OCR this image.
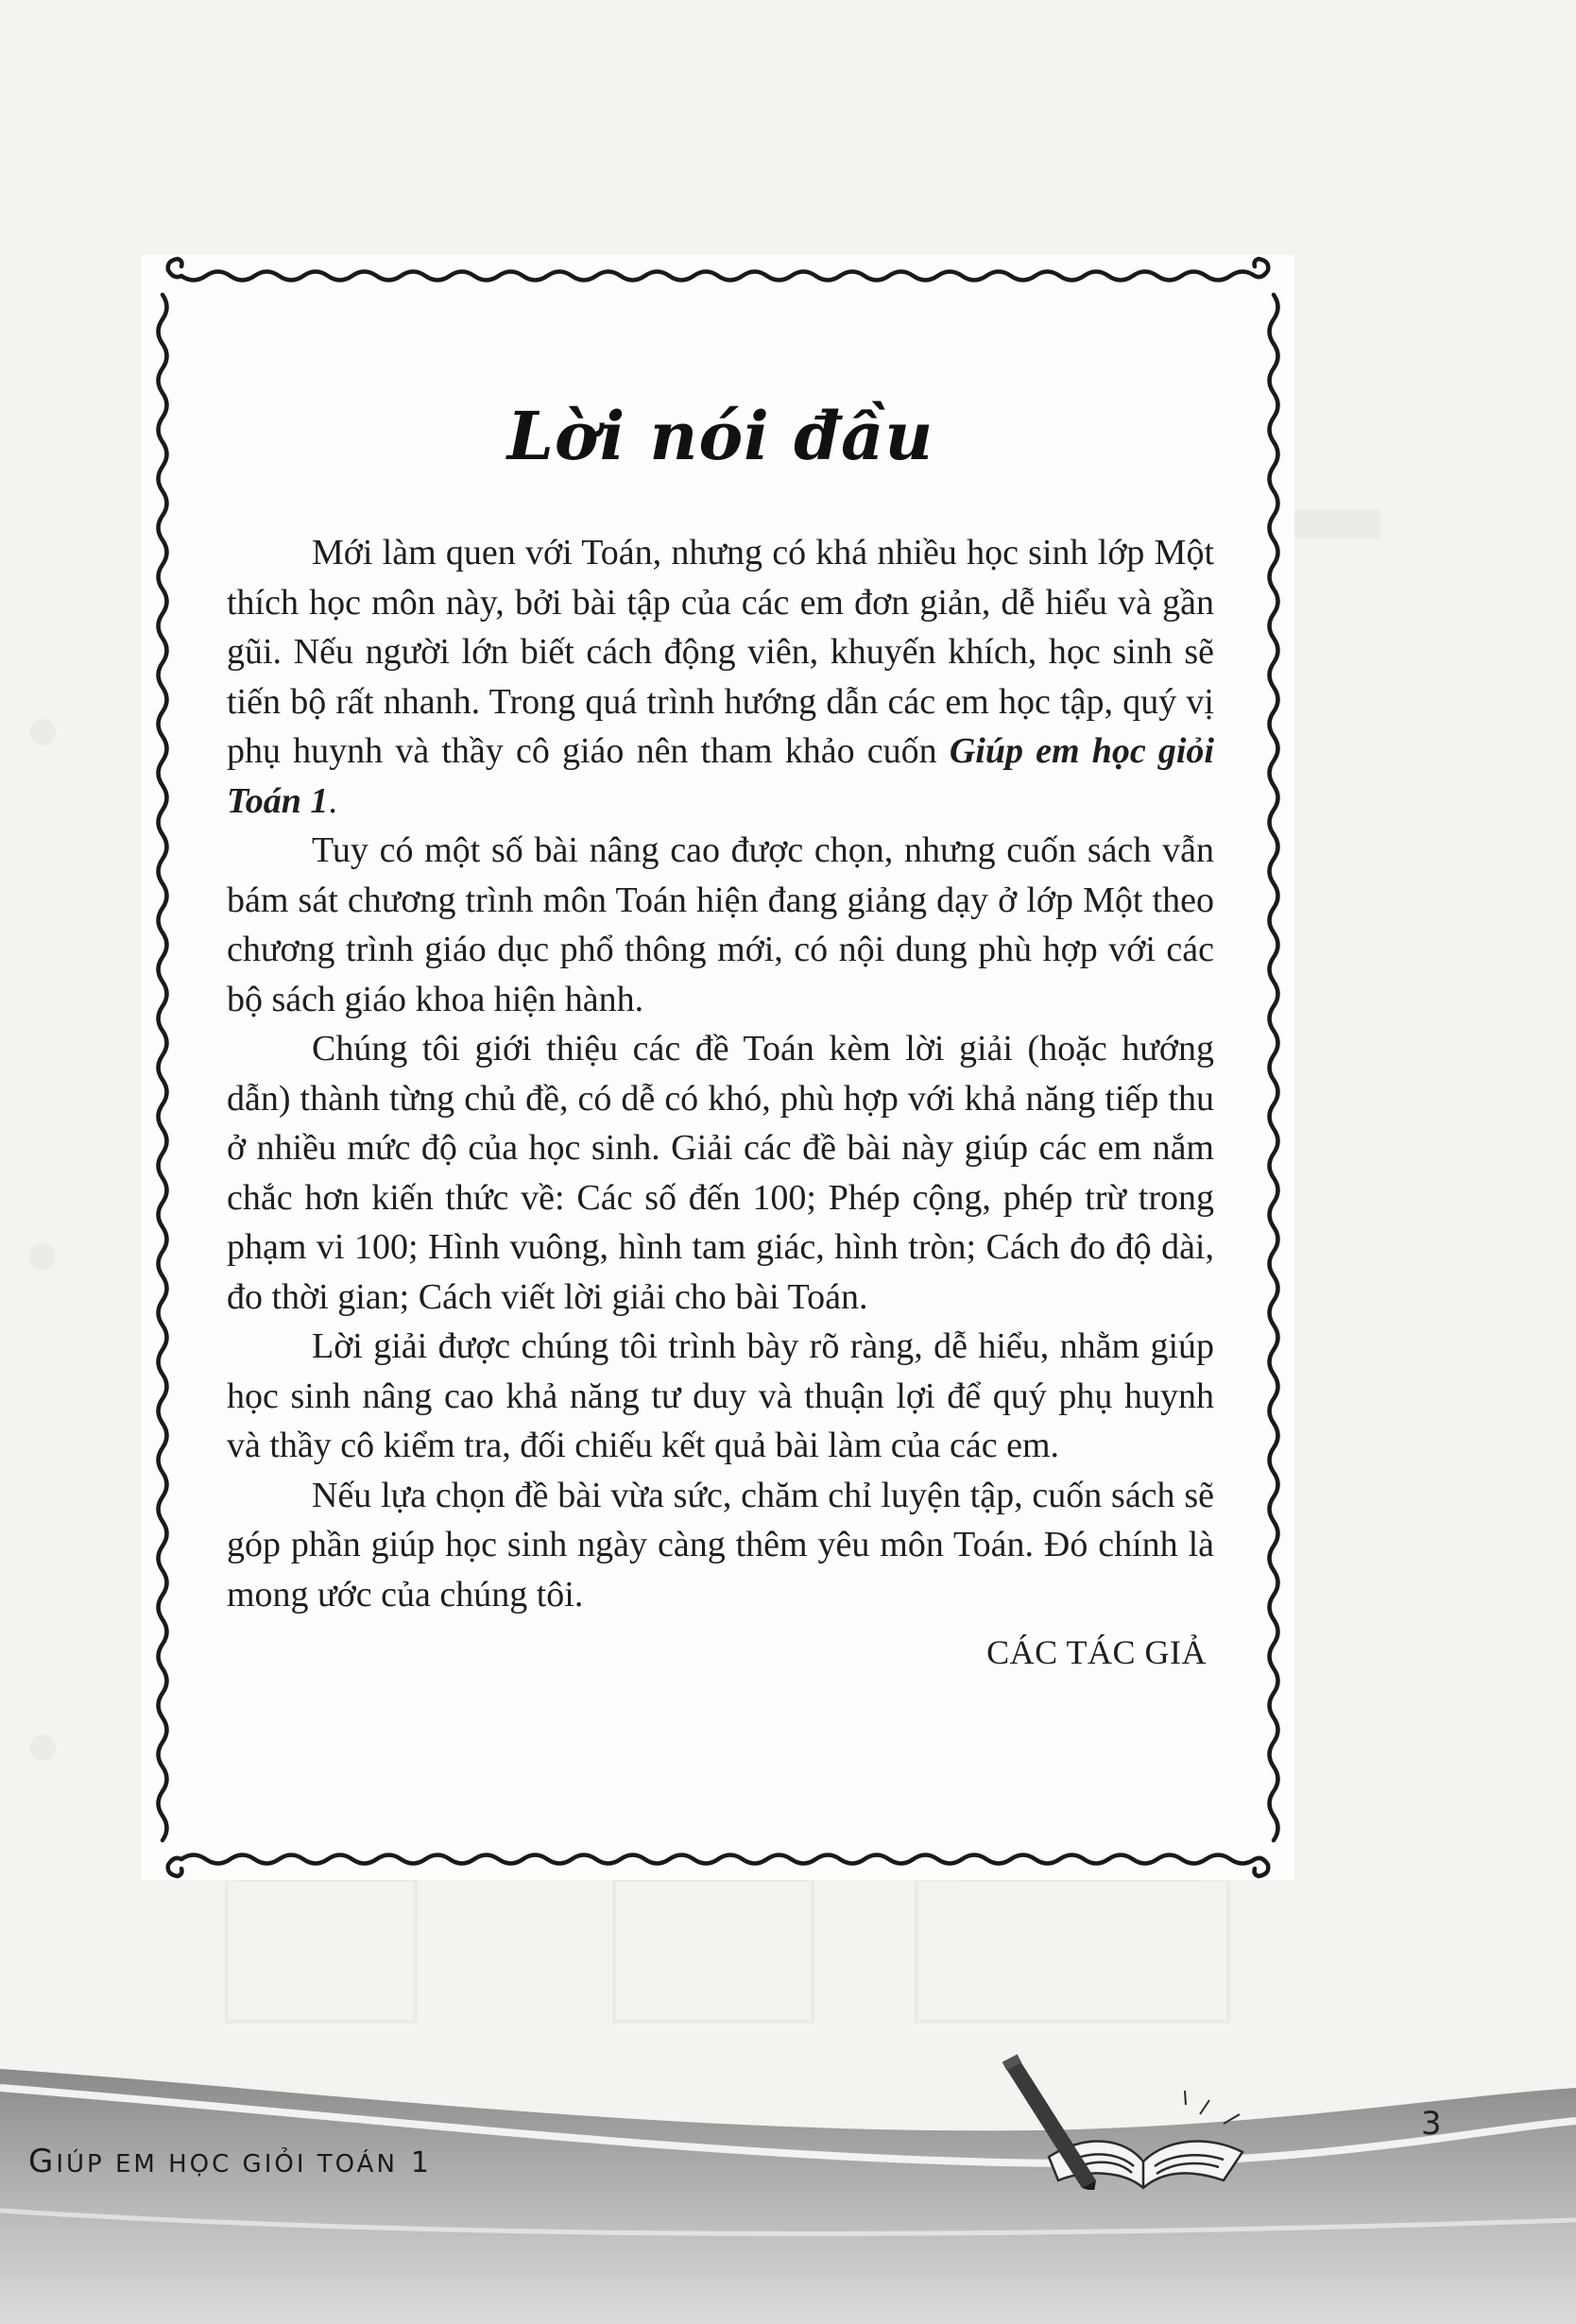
Lời nói đầu

Mới làm quen với Toán, nhưng có khá nhiều học sinh lớp Một thích học môn này, bởi bài tập của các em đơn giản, dễ hiểu và gần gũi. Nếu người lớn biết cách động viên, khuyến khích, học sinh sẽ tiến bộ rất nhanh. Trong quá trình hướng dẫn các em học tập, quý vị phụ huynh và thầy cô giáo nên tham khảo cuốn Giúp em học giỏi Toán 1.

Tuy có một số bài nâng cao được chọn, nhưng cuốn sách vẫn bám sát chương trình môn Toán hiện đang giảng dạy ở lớp Một theo chương trình giáo dục phổ thông mới, có nội dung phù hợp với các bộ sách giáo khoa hiện hành.

Chúng tôi giới thiệu các đề Toán kèm lời giải (hoặc hướng dẫn) thành từng chủ đề, có dễ có khó, phù hợp với khả năng tiếp thu ở nhiều mức độ của học sinh. Giải các đề bài này giúp các em nắm chắc hơn kiến thức về: Các số đến 100; Phép cộng, phép trừ trong phạm vi 100; Hình vuông, hình tam giác, hình tròn; Cách đo độ dài, đo thời gian; Cách viết lời giải cho bài Toán.

Lời giải được chúng tôi trình bày rõ ràng, dễ hiểu, nhằm giúp học sinh nâng cao khả năng tư duy và thuận lợi để quý phụ huynh và thầy cô kiểm tra, đối chiếu kết quả bài làm của các em.

Nếu lựa chọn đề bài vừa sức, chăm chỉ luyện tập, cuốn sách sẽ góp phần giúp học sinh ngày càng thêm yêu môn Toán. Đó chính là mong ước của chúng tôi.

CÁC TÁC GIẢ
GIÚP EM HỌC GIỎI TOÁN 1
3
